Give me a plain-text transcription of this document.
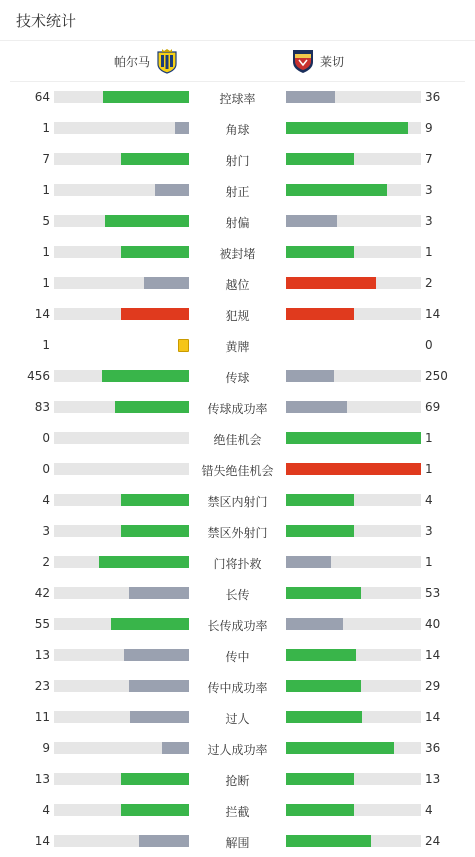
技术统计
帕尔马	莱切
64	控球率	36
1	角球	9
7	射门	7
1	射正	3
5	射偏	3
1	被封堵	1
1	越位	2
14	犯规	14
1	黄牌	0
456	传球	250
83	传球成功率	69
0	绝佳机会	1
0	错失绝佳机会	1
4	禁区内射门	4
3	禁区外射门	3
2	门将扑救	1
42	长传	53
55	长传成功率	40
13	传中	14
23	传中成功率	29
11	过人	14
9	过人成功率	36
13	抢断	13
4	拦截	4
14	解围	24
